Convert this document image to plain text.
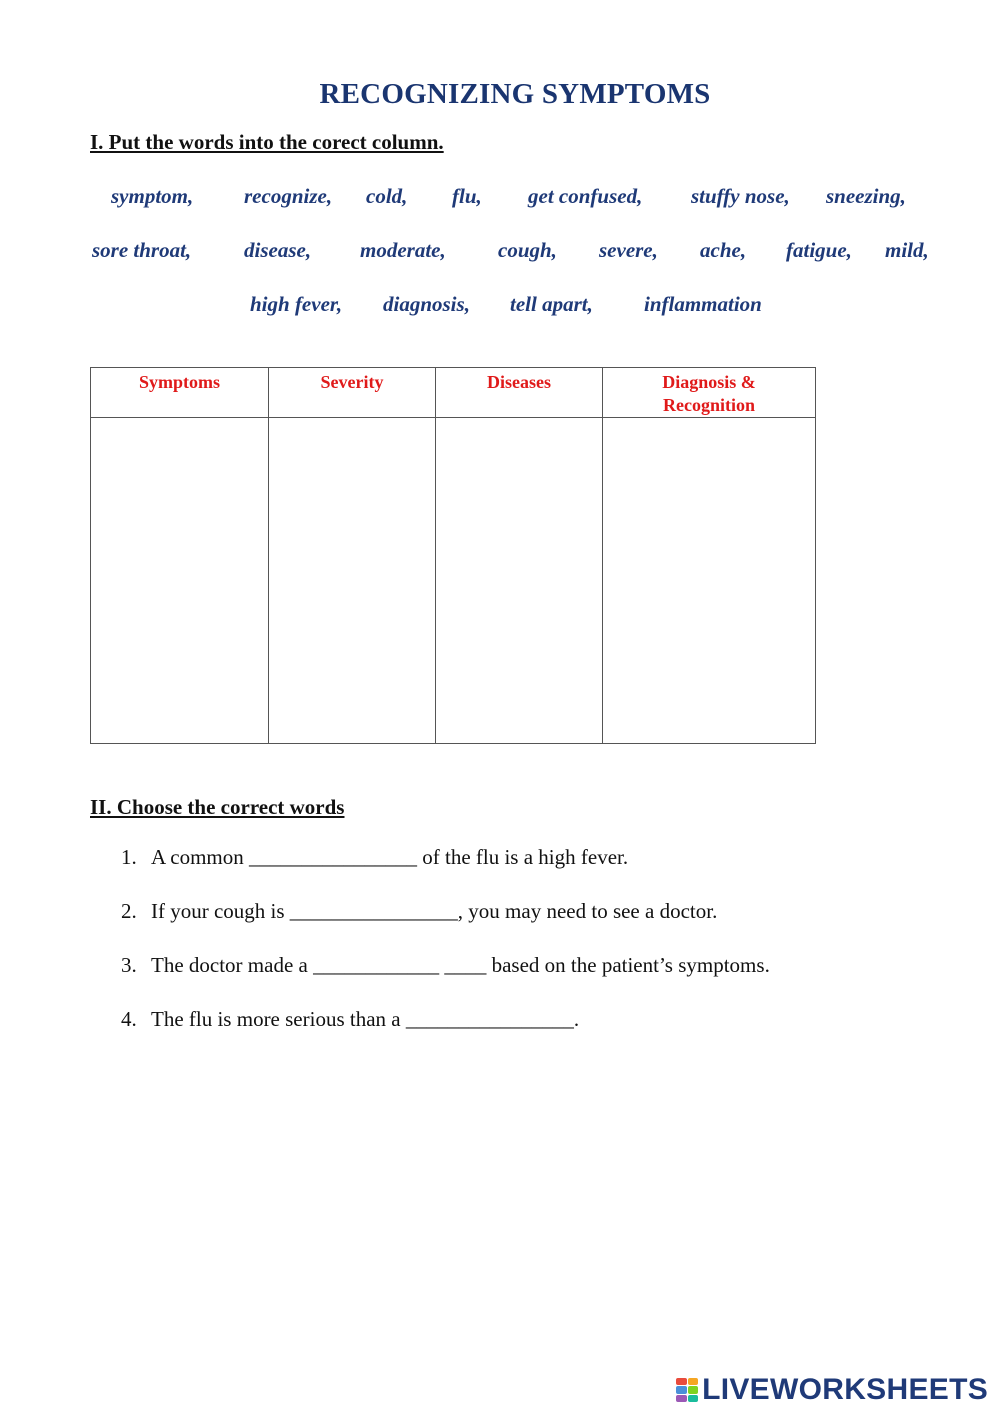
RECOGNIZING SYMPTOMS
I. Put the words into the corect column.
symptom, recognize, cold, flu, get confused, stuffy nose, sneezing,
sore throat,	disease, moderate, cough, severe, ache, fatigue, mild,
high fever, diagnosis, tell apart, inflammation
Symptoms	Severity	Diseases	Diagnosis & Recognition

II. Choose the correct words
1. A common ________________ of the flu is a high fever.
2. If your cough is ________________, you may need to see a doctor.
3. The doctor made a ____________ ____ based on the patient’s symptoms.
4. The flu is more serious than a ________________.
LIVEWORKSHEETS
